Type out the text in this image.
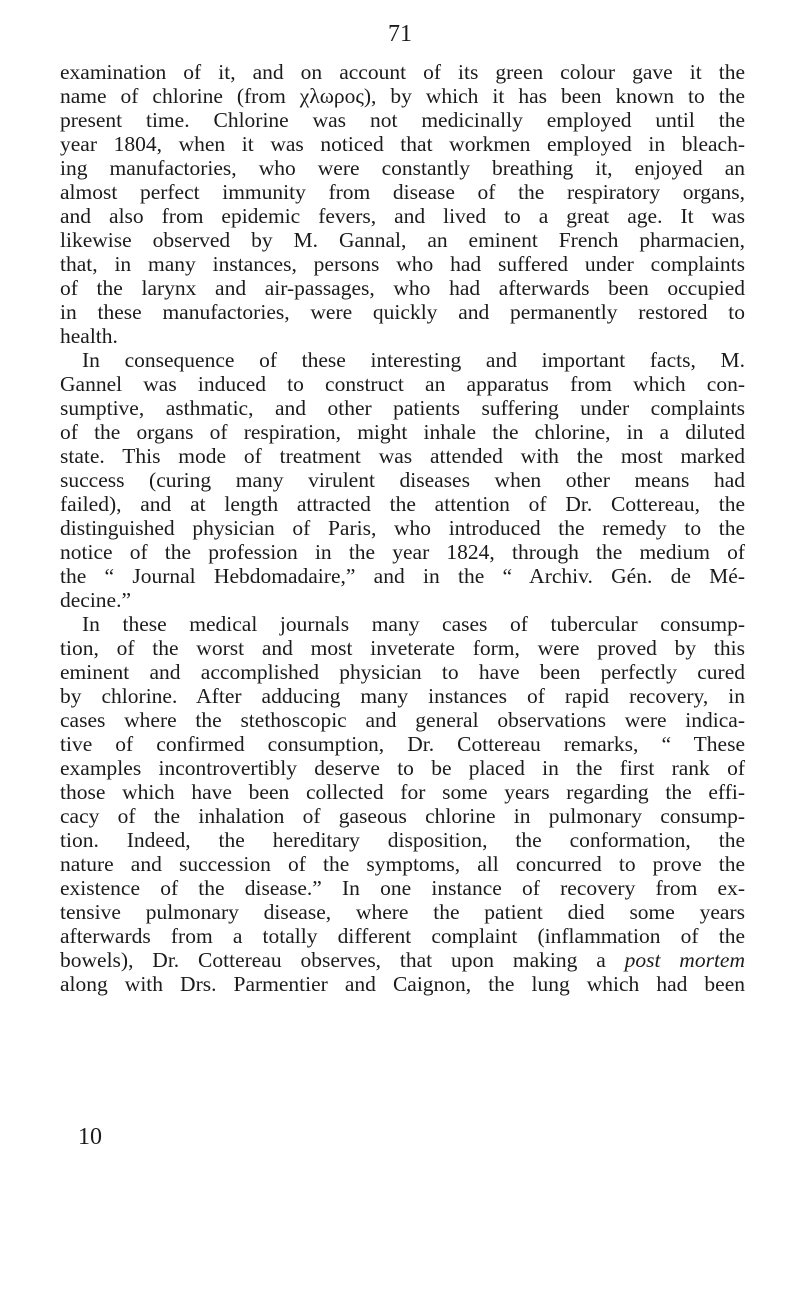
71
examination of it, and on account of its green colour gave it the
name of chlorine (from χλωρος), by which it has been known to the
present time. Chlorine was not medicinally employed until the
year 1804, when it was noticed that workmen employed in bleach-
ing manufactories, who were constantly breathing it, enjoyed an
almost perfect immunity from disease of the respiratory organs,
and also from epidemic fevers, and lived to a great age. It was
likewise observed by M. Gannal, an eminent French pharmacien,
that, in many instances, persons who had suffered under complaints
of the larynx and air-passages, who had afterwards been occupied
in these manufactories, were quickly and permanently restored to
health.
In consequence of these interesting and important facts, M.
Gannel was induced to construct an apparatus from which con-
sumptive, asthmatic, and other patients suffering under complaints
of the organs of respiration, might inhale the chlorine, in a diluted
state. This mode of treatment was attended with the most marked
success (curing many virulent diseases when other means had
failed), and at length attracted the attention of Dr. Cottereau, the
distinguished physician of Paris, who introduced the remedy to the
notice of the profession in the year 1824, through the medium of
the “ Journal Hebdomadaire,” and in the “ Archiv. Gén. de Mé-
decine.”
In these medical journals many cases of tubercular consump-
tion, of the worst and most inveterate form, were proved by this
eminent and accomplished physician to have been perfectly cured
by chlorine. After adducing many instances of rapid recovery, in
cases where the stethoscopic and general observations were indica-
tive of confirmed consumption, Dr. Cottereau remarks, “ These
examples incontrovertibly deserve to be placed in the first rank of
those which have been collected for some years regarding the effi-
cacy of the inhalation of gaseous chlorine in pulmonary consump-
tion. Indeed, the hereditary disposition, the conformation, the
nature and succession of the symptoms, all concurred to prove the
existence of the disease.” In one instance of recovery from ex-
tensive pulmonary disease, where the patient died some years
afterwards from a totally different complaint (inflammation of the
bowels), Dr. Cottereau observes, that upon making a post mortem
along with Drs. Parmentier and Caignon, the lung which had been
10
